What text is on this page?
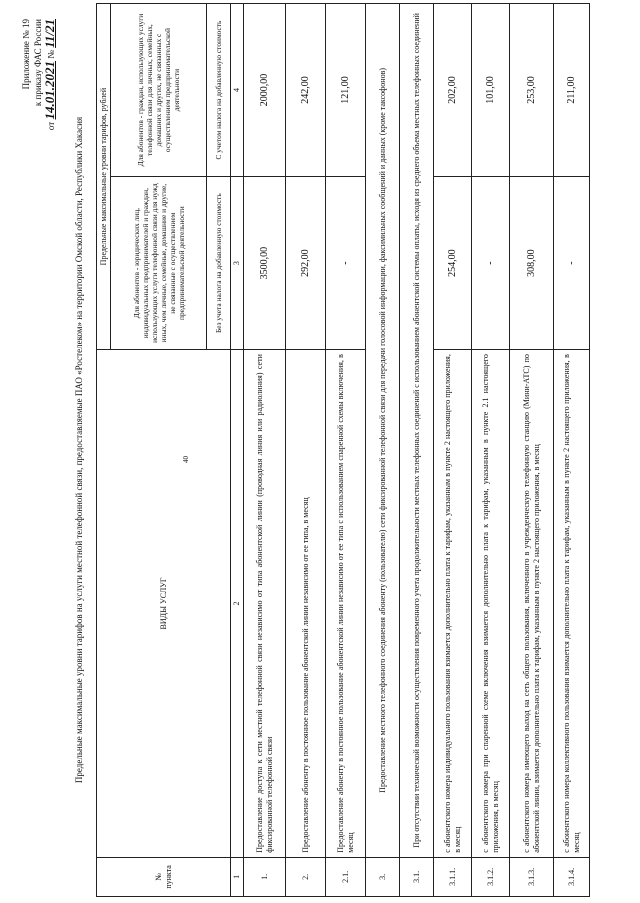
40
Приложение № 19 к приказу ФАС России
от 14.01.2021 № 11/21
Предельные максимальные уровни тарифов на услуги местной телефонной связи, предоставляемые ПАО «Ростелеком» на территории Омской области, Республики Хакасия
№ пункта	ВИДЫ УСЛУГ	Предельные максимальные уровни тарифов, рублей	
		Для абонентов - юридических лиц, индивидуальных предпринимателей и граждан, использующих услуги телефонной связи для нужд иных, чем личные, семейные, домашние и другие, не связанные с осуществлением предпринимательской деятельности	Для абонентов - граждан, использующих услуги телефонной связи для личных, семейных, домашних и других, не связанных с осуществлением предпринимательской деятельности
		Без учета налога на добавленную стоимость	С учетом налога на добавленную стоимость
1	2	3	4
1.	Предоставление доступа к сети местной телефонной связи независимо от типа абонентской линии (проводная линия или радиолиния) сети фиксированной телефонной связи	3500,00	2000,00
2.	Предоставление абоненту в постоянное пользование абонентской линии независимо от ее типа, в месяц	292,00	242,00
2.1.	Предоставление абоненту в постоянное пользование абонентской линии независимо от ее типа с использованием спаренной схемы включения, в месяц	-	121,00
3.	Предоставление местного телефонного соединения абоненту (пользователю) сети фиксированной телефонной связи для передачи голосовой информации, факсимильных сообщений и данных (кроме таксофонов)		
3.1.	При отсутствии технической возможности осуществления повременного учета продолжительности местных телефонных соединений с использованием абонентской системы оплаты, исходя из среднего объема местных телефонных соединений		
3.1.1.	с абонентского номера индивидуального пользования взимается дополнительно плата к тарифам, указанным в пункте 2 настоящего приложения, в месяц	254,00	202,00
3.1.2.	с абонентского номера при спаренной схеме включения взимается дополнительно плата к тарифам, указанным в пункте 2.1 настоящего приложения, в месяц	-	101,00
3.1.3.	с абонентского номера имеющего выход на сеть общего пользования, включенного в учрежденческую телефонную станцию (Мини-АТС) по абонентской линии, взимается дополнительно плата к тарифам, указанным в пункте 2 настоящего приложения, в месяц	308,00	253,00
3.1.4.	с абонентского номера коллективного пользования взимается дополнительно плата к тарифам, указанным в пункте 2 настоящего приложения, в месяц	-	211,00
